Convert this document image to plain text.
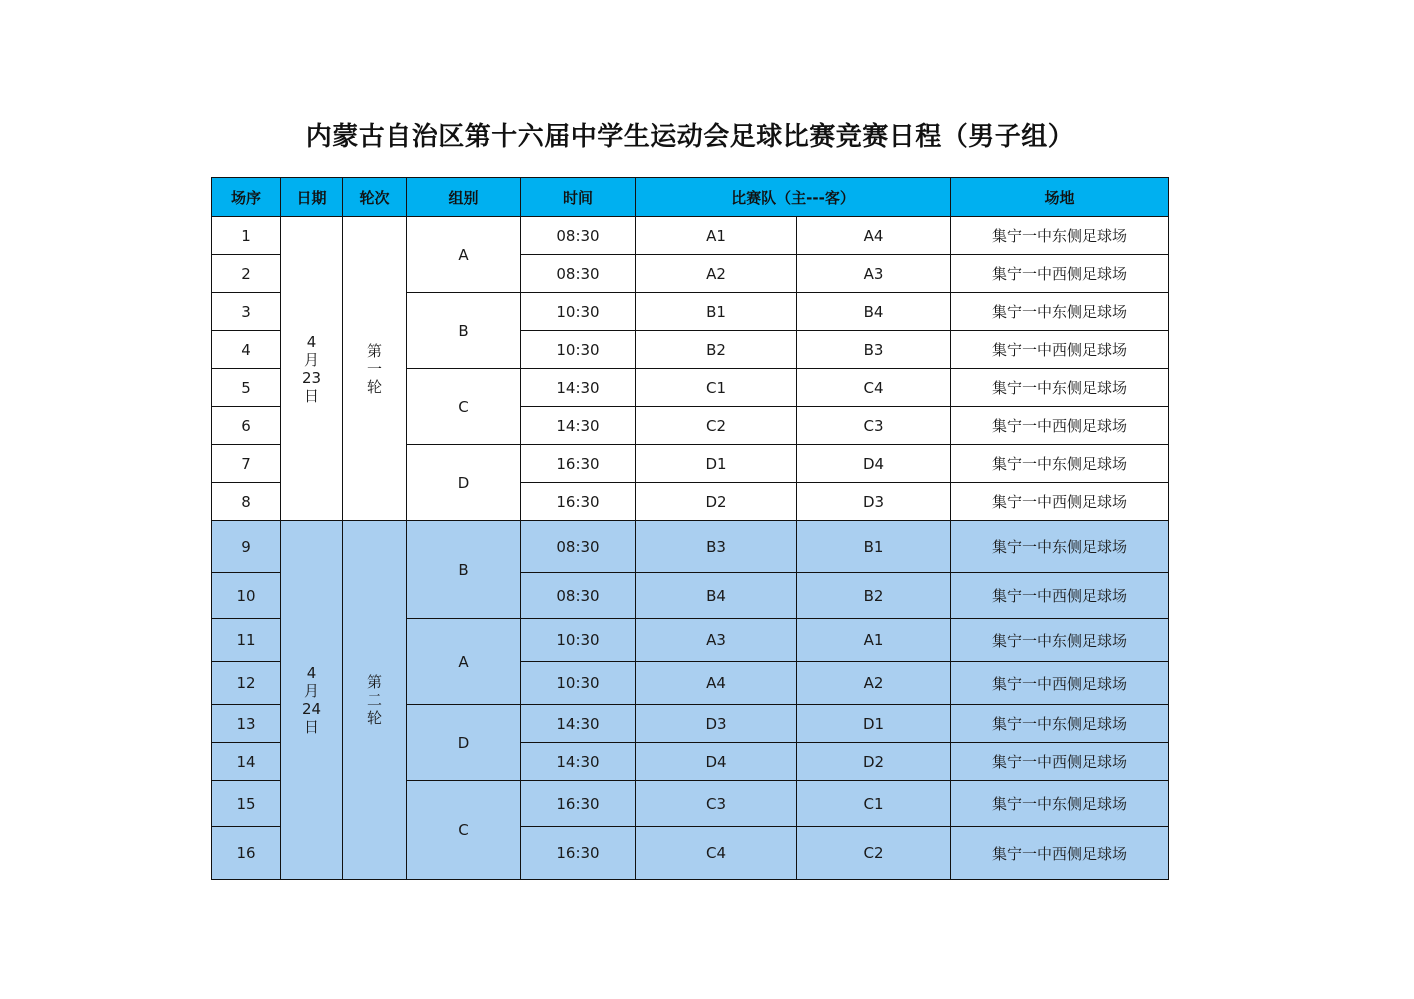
内蒙古自治区第十六届中学生运动会足球比赛竞赛日程（男子组）
场序	日期	轮次	组别	时间	比赛队（主---客）		场地
1	4
月
23
日	第
一
轮	A	08:30	A1	A4	集宁一中东侧足球场
2				08:30	A2	A3	集宁一中西侧足球场
3			B	10:30	B1	B4	集宁一中东侧足球场
4				10:30	B2	B3	集宁一中西侧足球场
5			C	14:30	C1	C4	集宁一中东侧足球场
6				14:30	C2	C3	集宁一中西侧足球场
7			D	16:30	D1	D4	集宁一中东侧足球场
8				16:30	D2	D3	集宁一中西侧足球场
9	4
月
24
日	第
二
轮	B	08:30	B3	B1	集宁一中东侧足球场
10				08:30	B4	B2	集宁一中西侧足球场
11			A	10:30	A3	A1	集宁一中东侧足球场
12				10:30	A4	A2	集宁一中西侧足球场
13			D	14:30	D3	D1	集宁一中东侧足球场
14				14:30	D4	D2	集宁一中西侧足球场
15			C	16:30	C3	C1	集宁一中东侧足球场
16				16:30	C4	C2	集宁一中西侧足球场
